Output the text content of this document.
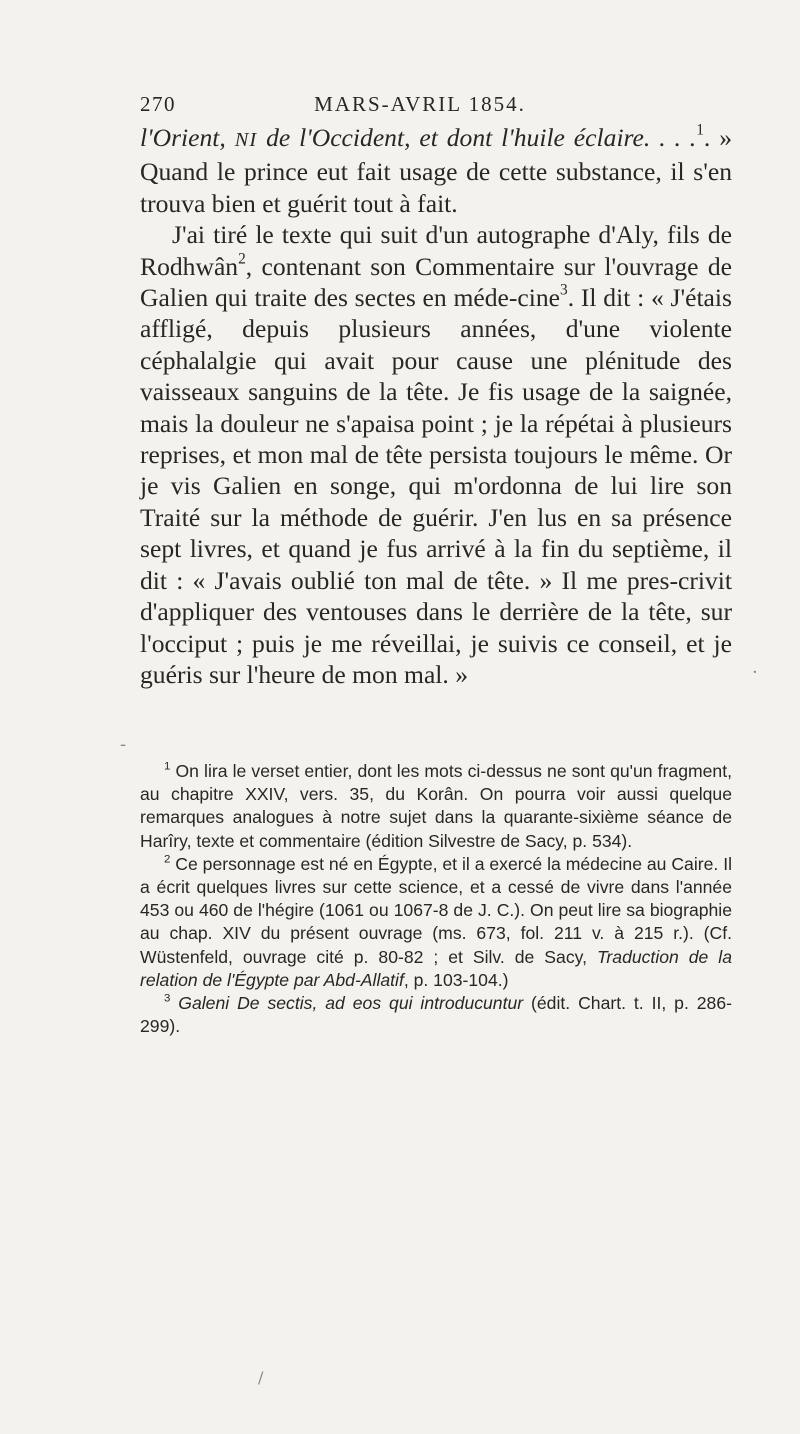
270	MARS-AVRIL 1854.

l'Orient, NI de l'Occident, et dont l'huile éclaire. . . .$^1$. » Quand le prince eut fait usage de cette substance, il s'en trouva bien et guérit tout à fait.

J'ai tiré le texte qui suit d'un autographe d'Aly, fils de Rodhwân$^2$, contenant son Commentaire sur l'ouvrage de Galien qui traite des sectes en méde-cine$^3$. Il dit : « J'étais affligé, depuis plusieurs années, d'une violente céphalalgie qui avait pour cause une plénitude des vaisseaux sanguins de la tête. Je fis usage de la saignée, mais la douleur ne s'apaisa point ; je la répétai à plusieurs reprises, et mon mal de tête persista toujours le même. Or je vis Galien en songe, qui m'ordonna de lui lire son Traité sur la méthode de guérir. J'en lus en sa présence sept livres, et quand je fus arrivé à la fin du septième, il dit : « J'avais oublié ton mal de tête. » Il me pres-crivit d'appliquer des ventouses dans le derrière de la tête, sur l'occiput ; puis je me réveillai, je suivis ce conseil, et je guéris sur l'heure de mon mal. »

$^1$ On lira le verset entier, dont les mots ci-dessus ne sont qu'un fragment, au chapitre XXIV, vers. 35, du Korân. On pourra voir aussi quelque remarques analogues à notre sujet dans la quarante-sixième séance de Harîry, texte et commentaire (édition Silvestre de Sacy, p. 534).

$^2$ Ce personnage est né en Égypte, et il a exercé la médecine au Caire. Il a écrit quelques livres sur cette science, et a cessé de vivre dans l'année 453 ou 460 de l'hégire (1061 ou 1067-8 de J. C.). On peut lire sa biographie au chap. XIV du présent ouvrage (ms. 673, fol. 211 v. à 215 r.). (Cf. Wüstenfeld, ouvrage cité p. 80-82 ; et Silv. de Sacy, Traduction de la relation de l'Égypte par Abd-Allatif, p. 103-104.)

$^3$ Galeni De sectis, ad eos qui introducuntur (édit. Chart. t. II, p. 286-299).

·
-
/
